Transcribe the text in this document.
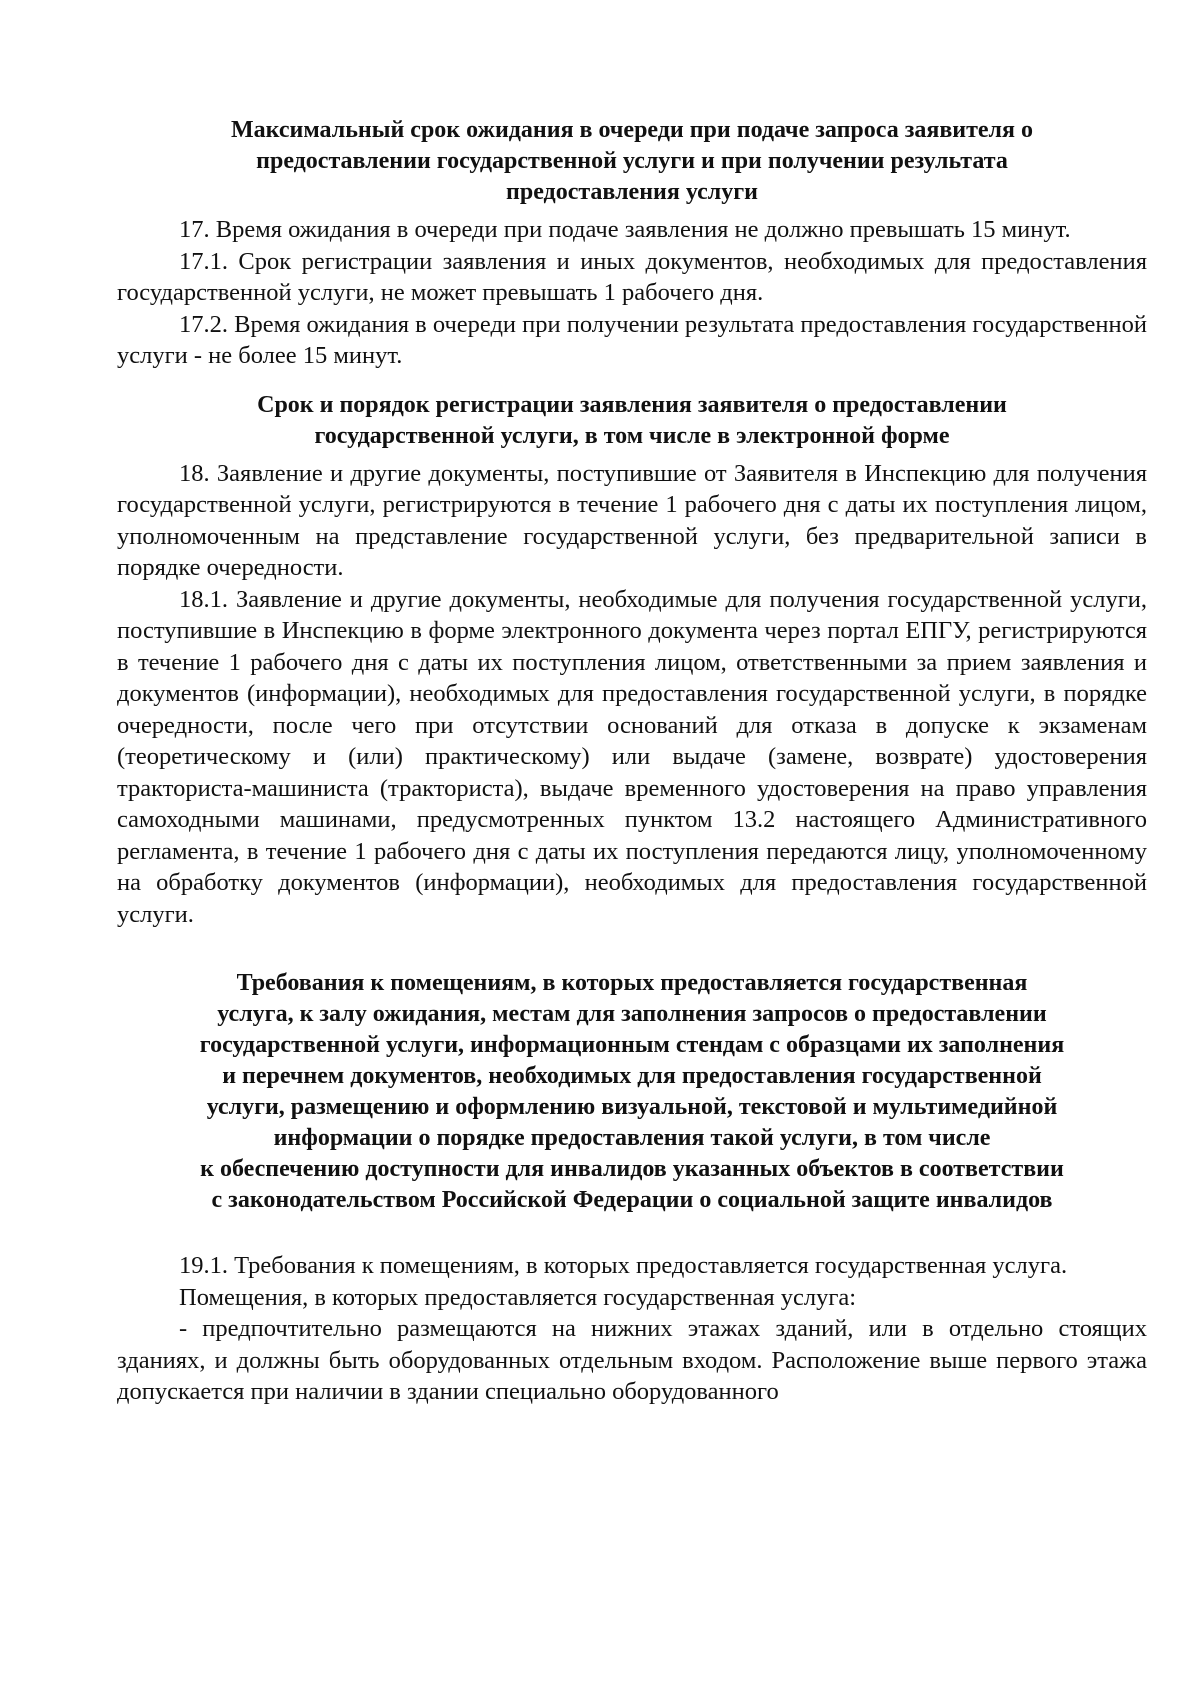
Максимальный срок ожидания в очереди при подаче запроса заявителя о
предоставлении государственной услуги и при получении результата
предоставления услуги

17. Время ожидания в очереди при подаче заявления не должно превышать 15 минут.

17.1. Срок регистрации заявления и иных документов, необходимых для предоставления государственной услуги, не может превышать 1 рабочего дня.

17.2. Время ожидания в очереди при получении результата предоставления государственной услуги - не более 15 минут.

Срок и порядок регистрации заявления заявителя о предоставлении
государственной услуги, в том числе в электронной форме

18. Заявление и другие документы, поступившие от Заявителя в Инспекцию для получения государственной услуги, регистрируются в течение 1 рабочего дня с даты их поступления лицом, уполномоченным на представление государственной услуги, без предварительной записи в порядке очередности.

18.1. Заявление и другие документы, необходимые для получения государственной услуги, поступившие в Инспекцию в форме электронного документа через портал ЕПГУ, регистрируются в течение 1 рабочего дня с даты их поступления лицом, ответственными за прием заявления и документов (информации), необходимых для предоставления государственной услуги, в порядке очередности, после чего при отсутствии оснований для отказа в допуске к экзаменам (теоретическому и (или) практическому) или выдаче (замене, возврате) удостоверения тракториста-машиниста (тракториста), выдаче временного удостоверения на право управления самоходными машинами, предусмотренных пунктом 13.2 настоящего Административного регламента, в течение 1 рабочего дня с даты их поступления передаются лицу, уполномоченному на обработку документов (информации), необходимых для предоставления государственной услуги.

Требования к помещениям, в которых предоставляется государственная
услуга, к залу ожидания, местам для заполнения запросов о предоставлении
государственной услуги, информационным стендам с образцами их заполнения
и перечнем документов, необходимых для предоставления государственной
услуги, размещению и оформлению визуальной, текстовой и мультимедийной
информации о порядке предоставления такой услуги, в том числе
к обеспечению доступности для инвалидов указанных объектов в соответствии
с законодательством Российской Федерации о социальной защите инвалидов

19.1. Требования к помещениям, в которых предоставляется государственная услуга.

Помещения, в которых предоставляется государственная услуга:

- предпочтительно размещаются на нижних этажах зданий, или в отдельно стоящих зданиях, и должны быть оборудованных отдельным входом. Расположение выше первого этажа допускается при наличии в здании специально оборудованного
